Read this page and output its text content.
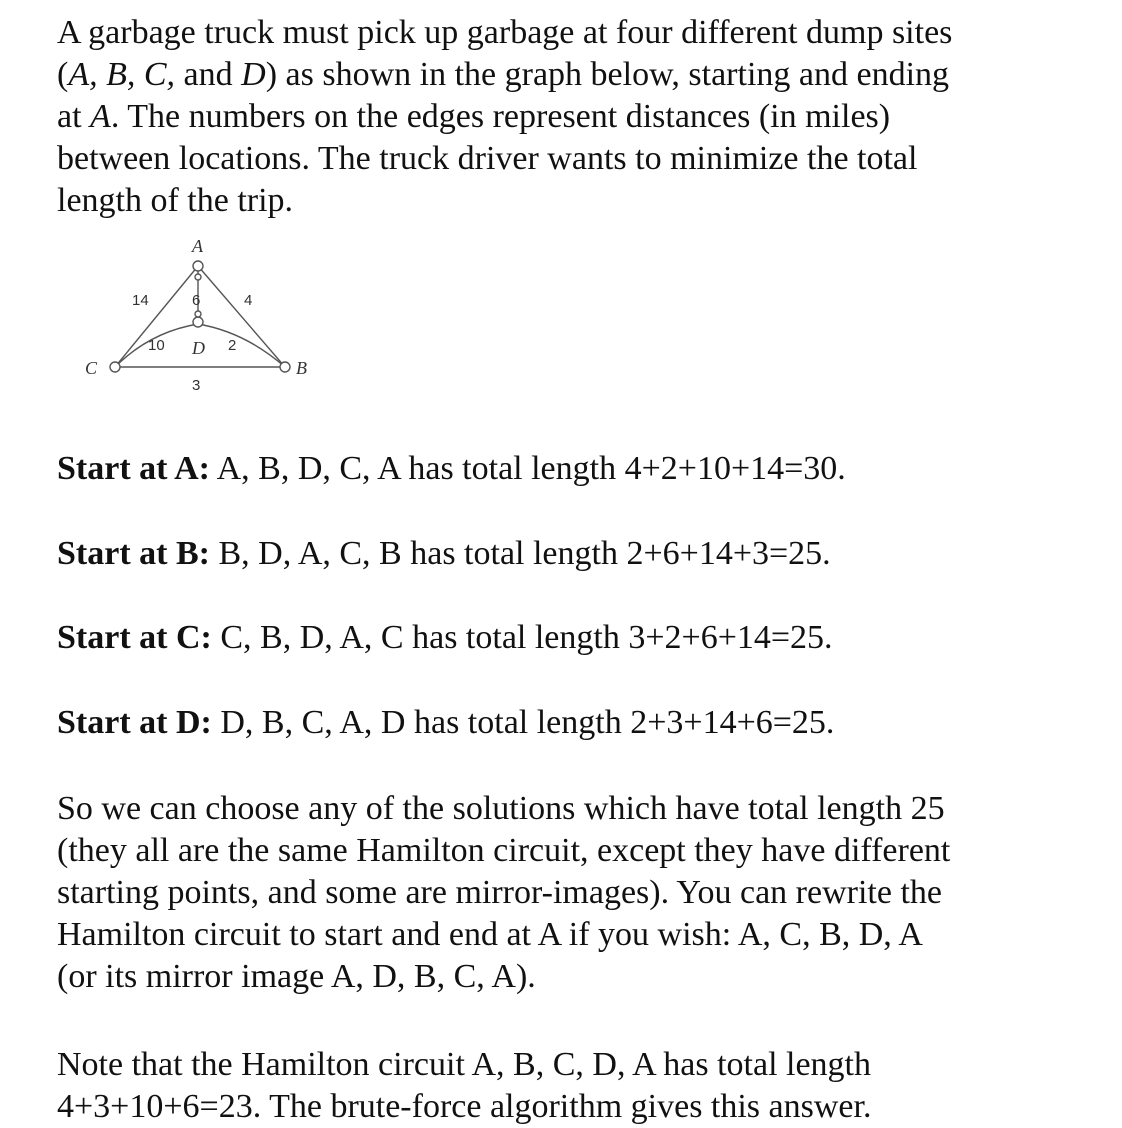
A garbage truck must pick up garbage at four different dump sites
(A, B, C, and D) as shown in the graph below, starting and ending
at A. The numbers on the edges represent distances (in miles)
between locations. The truck driver wants to minimize the total
length of the trip.

A
D
C	B
14	6	4
10	2
3
Start at A: A, B, D, C, A has total length 4+2+10+14=30.
Start at B: B, D, A, C, B has total length 2+6+14+3=25.
Start at C: C, B, D, A, C has total length 3+2+6+14=25.
Start at D: D, B, C, A, D has total length 2+3+14+6=25.

So we can choose any of the solutions which have total length 25
(they all are the same Hamilton circuit, except they have different
starting points, and some are mirror-images). You can rewrite the
Hamilton circuit to start and end at A if you wish: A, C, B, D, A
(or its mirror image A, D, B, C, A).

Note that the Hamilton circuit A, B, C, D, A has total length
4+3+10+6=23. The brute-force algorithm gives this answer.
